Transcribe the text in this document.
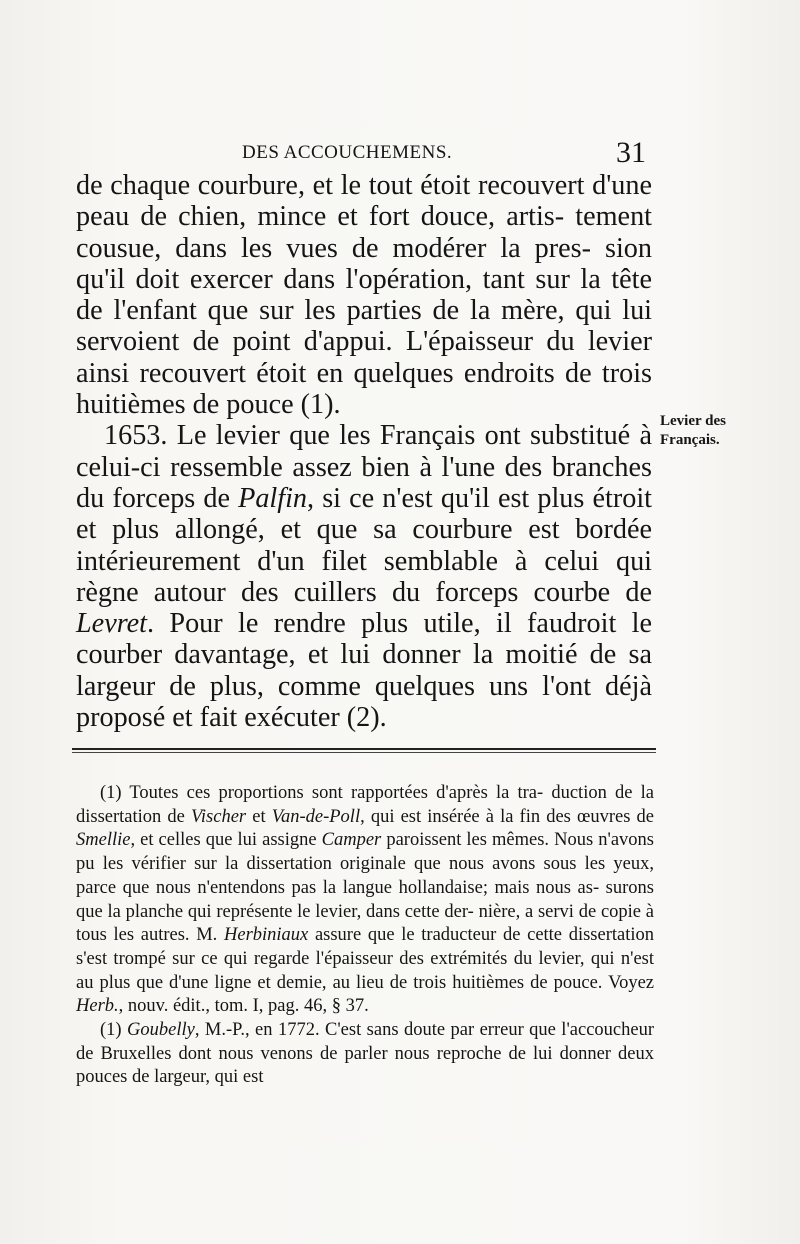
DES ACCOUCHEMENS.	31

de chaque courbure, et le tout étoit recouvert d'une peau de chien, mince et fort douce, artis- tement cousue, dans les vues de modérer la pres- sion qu'il doit exercer dans l'opération, tant sur la tête de l'enfant que sur les parties de la mère, qui lui servoient de point d'appui. L'épaisseur du levier ainsi recouvert étoit en quelques endroits de trois huitièmes de pouce (1).

1653. Le levier que les Français ont substitué à celui-ci ressemble assez bien à l'une des branches du forceps de Palfin, si ce n'est qu'il est plus étroit et plus allongé, et que sa courbure est bordée intérieurement d'un filet semblable à celui qui règne autour des cuillers du forceps courbe de Levret. Pour le rendre plus utile, il faudroit le courber davantage, et lui donner la moitié de sa largeur de plus, comme quelques uns l'ont déjà proposé et fait exécuter (2).

Levier des
Français.

(1) Toutes ces proportions sont rapportées d'après la tra- duction de la dissertation de Vischer et Van-de-Poll, qui est insérée à la fin des œuvres de Smellie, et celles que lui assigne Camper paroissent les mêmes. Nous n'avons pu les vérifier sur la dissertation originale que nous avons sous les yeux, parce que nous n'entendons pas la langue hollandaise; mais nous as- surons que la planche qui représente le levier, dans cette der- nière, a servi de copie à tous les autres. M. Herbiniaux assure que le traducteur de cette dissertation s'est trompé sur ce qui regarde l'épaisseur des extrémités du levier, qui n'est au plus que d'une ligne et demie, au lieu de trois huitièmes de pouce. Voyez Herb., nouv. édit., tom. I, pag. 46, § 37.

(1) Goubelly, M.-P., en 1772. C'est sans doute par erreur que l'accoucheur de Bruxelles dont nous venons de parler nous reproche de lui donner deux pouces de largeur, qui est
